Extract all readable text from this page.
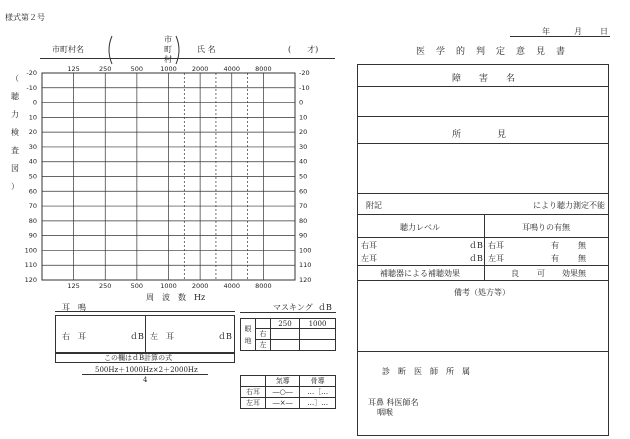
様式第２号
年	月 日
市町村名
市
町
村
氏 名	(　　才)
（
聴
力
検
査
図
）
-20	-20
-10	-10
0	0
10	10
20	20
30	30
40	40
50	50
60	60
70	70
80	80
90	90
100	100
110	110
120	120
125
125
250
250
500
500
1000
1000
2000
2000
4000
4000
8000
8000
周　波　数　Hz
耳　鳴
右　耳	ｄB 左　耳	ｄB
この欄はｄB計算の式
500Hz＋1000Hz×2＋2000Hz
4
マスキング ｄB
眼
地		250	1000
	右		
	左		
	気導	骨導
右耳	―○―	…［…
左耳	―×―	…］…
医　学　的　判　定　意　見　書
障　　害　　名
所　　　　見
附記	により聴力測定不能
聴力レベル	耳鳴りの有無
右耳	ｄB 右耳	有 無
左耳	ｄB 左耳	有 無
補聴器による補聴効果	良 可 効果無
備考（処方等）
診　断　医　師　所　属
耳鼻 科医師名
咽喉
